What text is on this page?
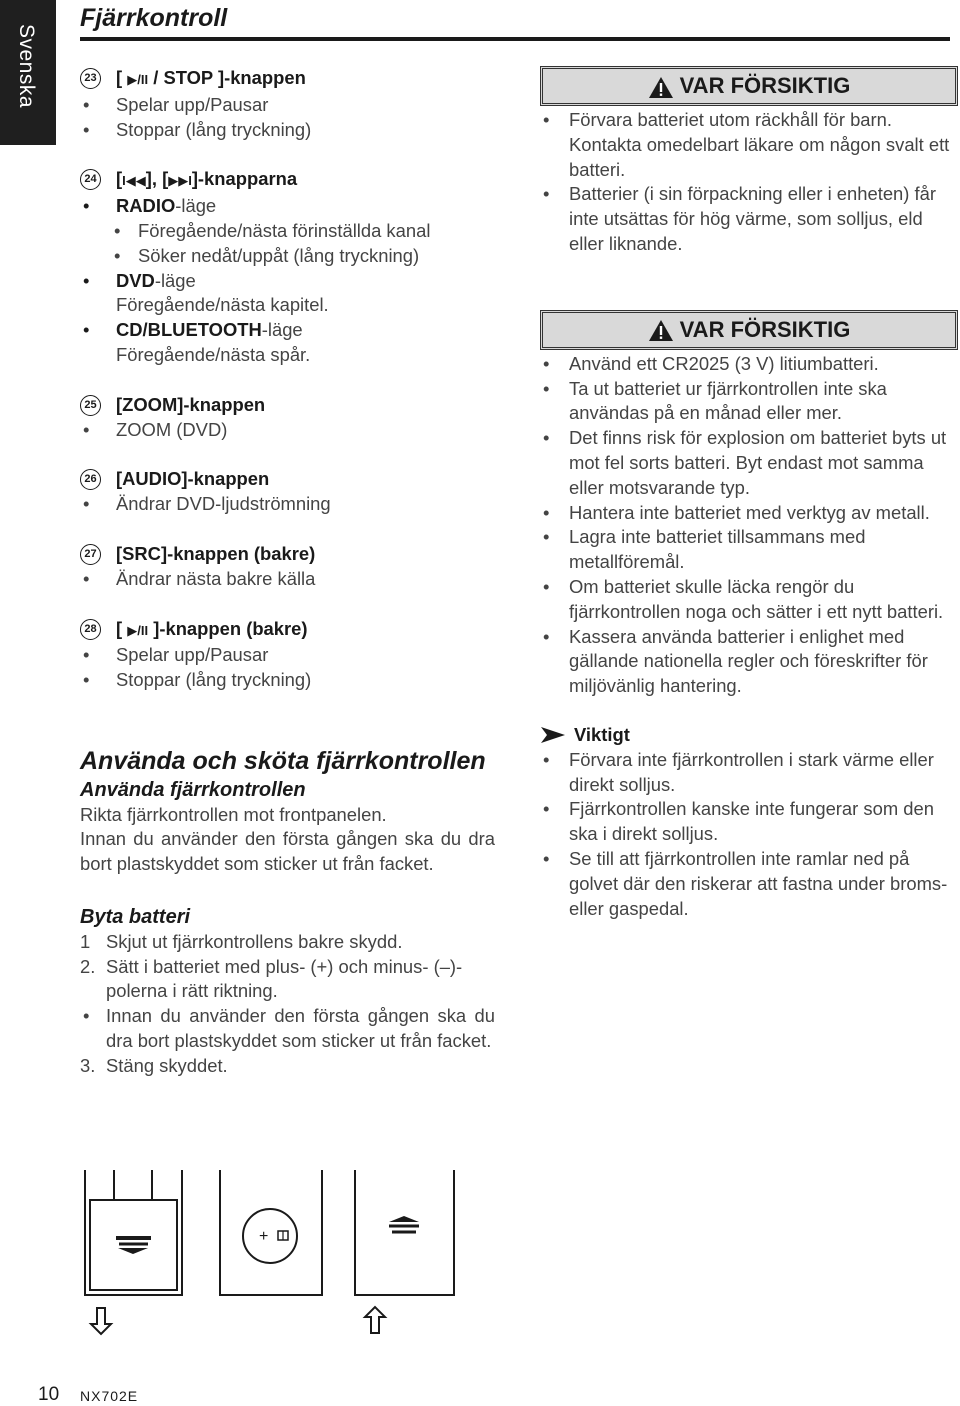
Svenska
Fjärrkontroll
23 [ ▶/II / STOP ]-knappen
• Spelar upp/Pausar
• Stoppar (lång tryckning)
24 [I◀◀], [▶▶I]-knapparna
• RADIO-läge
• Föregående/nästa förinställda kanal
• Söker nedåt/uppåt (lång tryckning)
• DVD-läge
Föregående/nästa kapitel.
• CD/BLUETOOTH-läge
Föregående/nästa spår.
25 [ZOOM]-knappen
• ZOOM (DVD)
26 [AUDIO]-knappen
• Ändrar DVD-ljudströmning
27 [SRC]-knappen (bakre)
• Ändrar nästa bakre källa
28 [ ▶/II ]-knappen (bakre)
• Spelar upp/Pausar
• Stoppar (lång tryckning)
Använda och sköta fjärrkontrollen
Använda fjärrkontrollen
Rikta fjärrkontrollen mot frontpanelen.
Innan du använder den första gången ska du dra bort plastskyddet som sticker ut från facket.
Byta batteri
1 Skjut ut fjärrkontrollens bakre skydd.
2. Sätt i batteriet med plus- (+) och minus- (–)-polerna i rätt riktning.
• Innan du använder den första gången ska du dra bort plastskyddet som sticker ut från facket.
3. Stäng skyddet.
VAR FÖRSIKTIG
• Förvara batteriet utom räckhåll för barn. Kontakta omedelbart läkare om någon svalt ett batteri.
• Batterier (i sin förpackning eller i enheten) får inte utsättas för hög värme, som solljus, eld eller liknande.
VAR FÖRSIKTIG
• Använd ett CR2025 (3 V) litiumbatteri.
• Ta ut batteriet ur fjärrkontrollen inte ska användas på en månad eller mer.
• Det finns risk för explosion om batteriet byts ut mot fel sorts batteri. Byt endast mot samma eller motsvarande typ.
• Hantera inte batteriet med verktyg av metall.
• Lagra inte batteriet tillsammans med metallföremål.
• Om batteriet skulle läcka rengör du fjärrkontrollen noga och sätter i ett nytt batteri.
• Kassera använda batterier i enlighet med gällande nationella regler och föreskrifter för miljövänlig hantering.
Viktigt
• Förvara inte fjärrkontrollen i stark värme eller direkt solljus.
• Fjärrkontrollen kanske inte fungerar som den ska i direkt solljus.
• Se till att fjärrkontrollen inte ramlar ned på golvet där den riskerar att fastna under broms- eller gaspedal.
+
10 NX702E
